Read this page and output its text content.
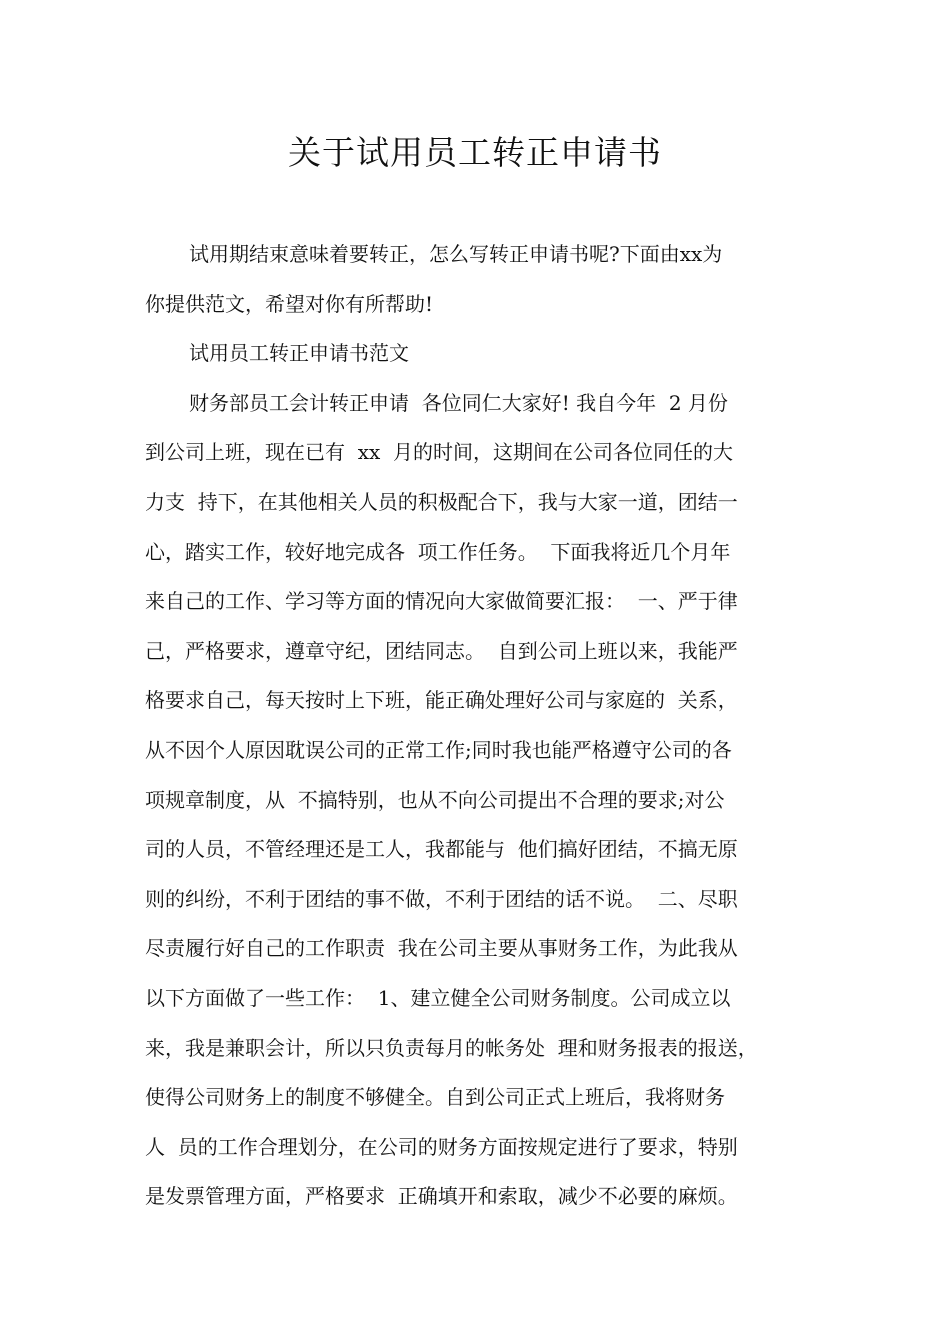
关于试用员工转正申请书
试用期结束意味着要转正，怎么写转正申请书呢?下面由xx为
你提供范文，希望对你有所帮助!
试用员工转正申请书范文
财务部员工会计转正申请  各位同仁大家好! 我自今年  2 月份
到公司上班，现在已有  xx  月的时间，这期间在公司各位同任的大
力支  持下，在其他相关人员的积极配合下，我与大家一道，团结一
心，踏实工作，较好地完成各  项工作任务。  下面我将近几个月年
来自己的工作、学习等方面的情况向大家做简要汇报：  一、严于律
己，严格要求，遵章守纪，团结同志。  自到公司上班以来，我能严
格要求自己，每天按时上下班，能正确处理好公司与家庭的  关系，
从不因个人原因耽误公司的正常工作;同时我也能严格遵守公司的各
项规章制度，从  不搞特别，也从不向公司提出不合理的要求;对公
司的人员，不管经理还是工人，我都能与  他们搞好团结，不搞无原
则的纠纷，不利于团结的事不做，不利于团结的话不说。  二、尽职
尽责履行好自己的工作职责  我在公司主要从事财务工作，为此我从
以下方面做了一些工作：  1、建立健全公司财务制度。公司成立以
来，我是兼职会计，所以只负责每月的帐务处  理和财务报表的报送，
使得公司财务上的制度不够健全。自到公司正式上班后，我将财务
人  员的工作合理划分，在公司的财务方面按规定进行了要求，特别
是发票管理方面，严格要求  正确填开和索取，减少不必要的麻烦。
